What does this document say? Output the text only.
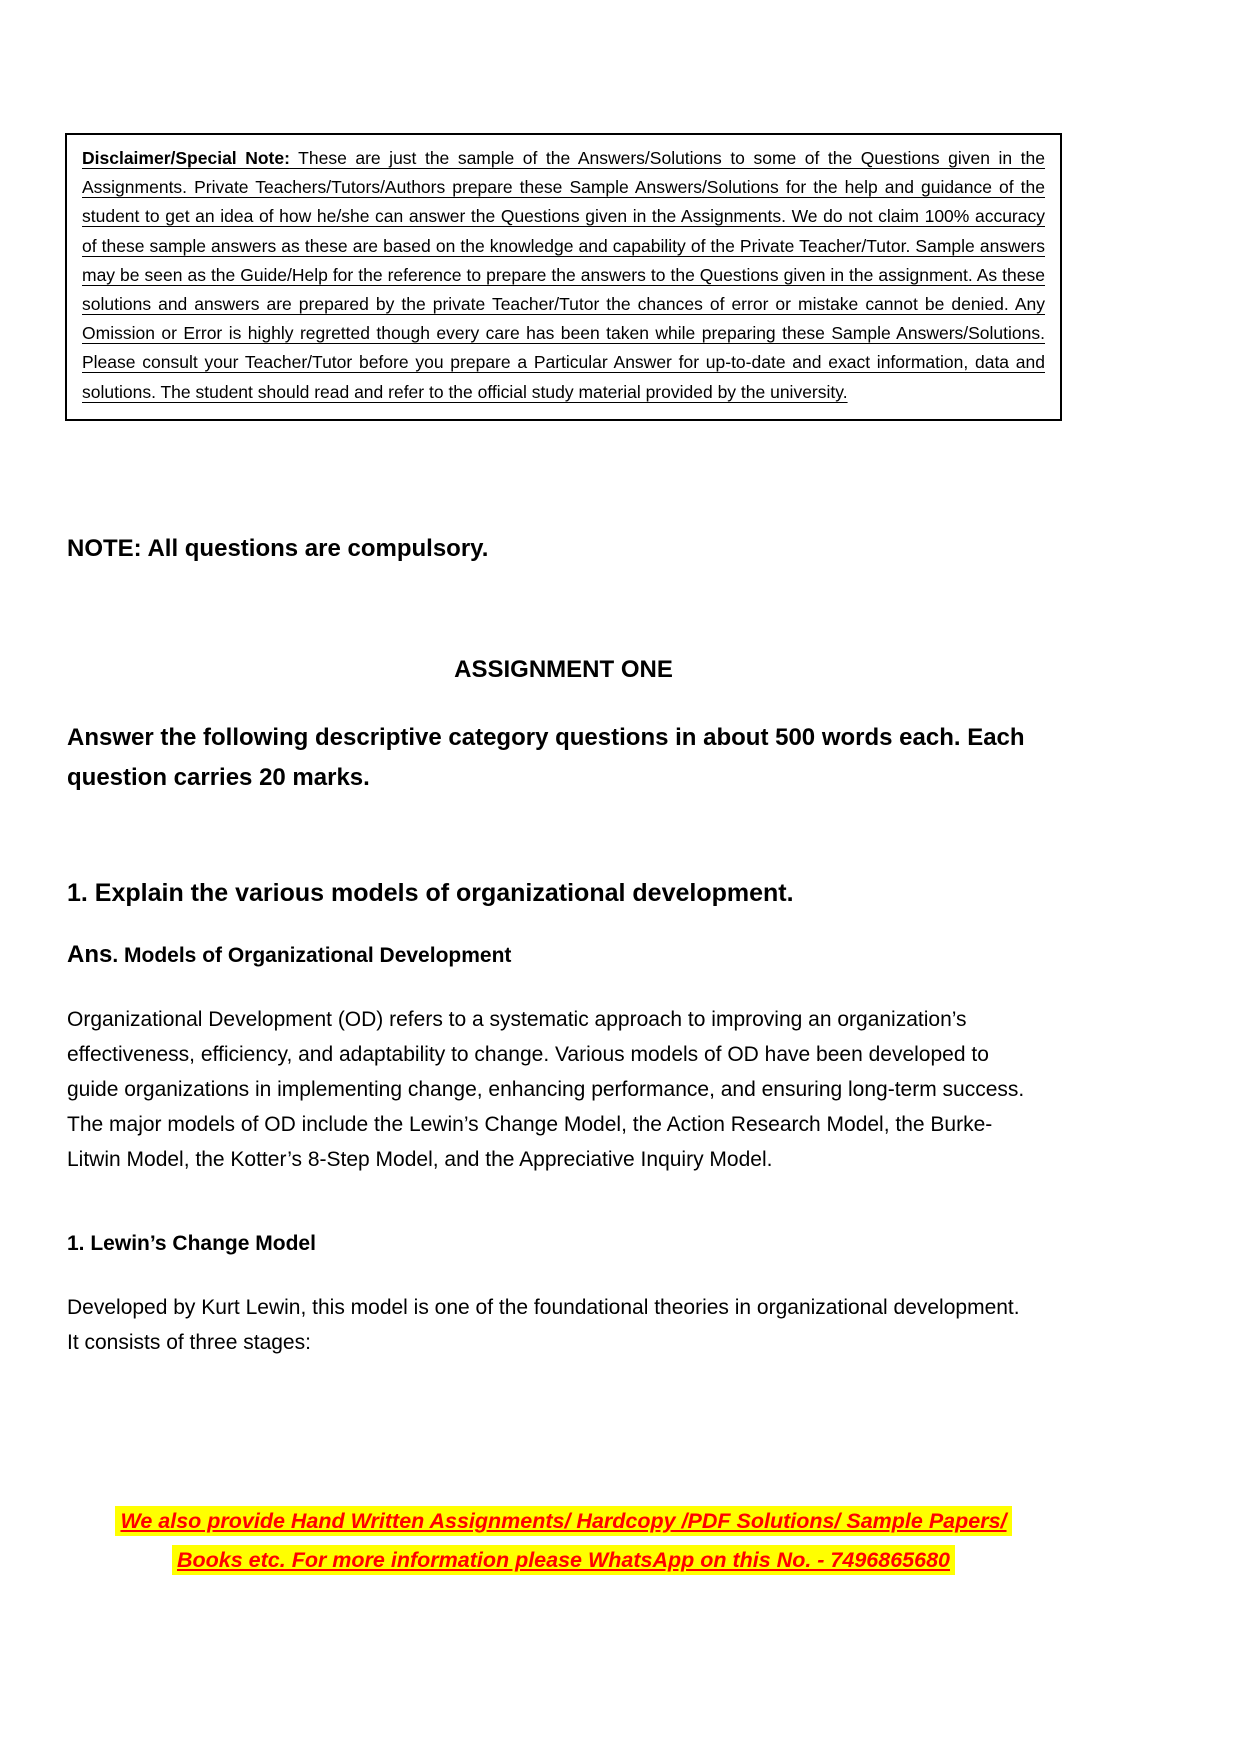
Disclaimer/Special Note: These are just the sample of the Answers/Solutions to some of the Questions given in the Assignments. Private Teachers/Tutors/Authors prepare these Sample Answers/Solutions for the help and guidance of the student to get an idea of how he/she can answer the Questions given in the Assignments. We do not claim 100% accuracy of these sample answers as these are based on the knowledge and capability of the Private Teacher/Tutor. Sample answers may be seen as the Guide/Help for the reference to prepare the answers to the Questions given in the assignment. As these solutions and answers are prepared by the private Teacher/Tutor the chances of error or mistake cannot be denied. Any Omission or Error is highly regretted though every care has been taken while preparing these Sample Answers/Solutions. Please consult your Teacher/Tutor before you prepare a Particular Answer for up-to-date and exact information, data and solutions. The student should read and refer to the official study material provided by the university.

NOTE: All questions are compulsory.
ASSIGNMENT ONE
Answer the following descriptive category questions in about 500 words each. Each question carries 20 marks.
1. Explain the various models of organizational development.

Ans. Models of Organizational Development

Organizational Development (OD) refers to a systematic approach to improving an organization’s effectiveness, efficiency, and adaptability to change. Various models of OD have been developed to guide organizations in implementing change, enhancing performance, and ensuring long-term success. The major models of OD include the Lewin’s Change Model, the Action Research Model, the Burke-Litwin Model, the Kotter’s 8-Step Model, and the Appreciative Inquiry Model.

1. Lewin’s Change Model

Developed by Kurt Lewin, this model is one of the foundational theories in organizational development. It consists of three stages:

We also provide Hand Written Assignments/ Hardcopy /PDF Solutions/ Sample Papers/
Books etc. For more information please WhatsApp on this No. - 7496865680
